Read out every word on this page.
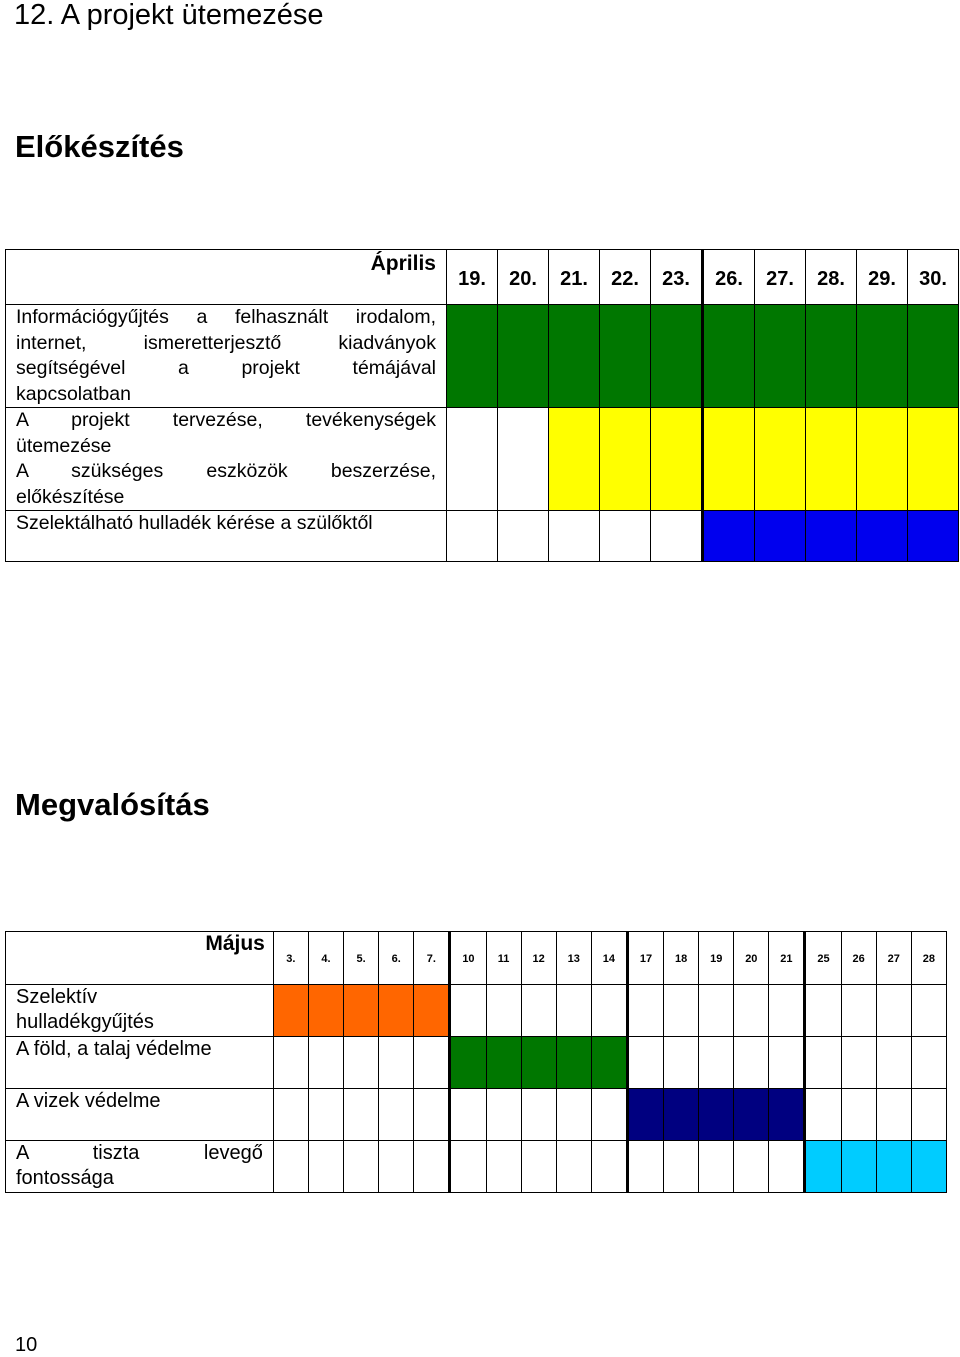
12. A projekt ütemezése
Előkészítés
Április	19.	20.	21.	22.	23.	26.	27.	28.	29.	30.

Információgyűjtés a felhasznált irodalom,
internet, ismeretterjesztő kiadványok
segítségével a projekt témájával
kapcsolatban										

A projekt tervezése, tevékenységek
ütemezése
A szükséges eszközök beszerzése,
előkészítése										
Szelektálható hulladék kérése a szülőktől										
Megvalósítás
Május	3.	4.	5.	6.	7.	10	11	12	13	14	17	18	19	20	21	25	26	27	28

Szelektív
hulladékgyűjtés																			
A föld, a talaj védelme																			
A vizek védelme																			

A tiszta levegő
fontossága																			
10
